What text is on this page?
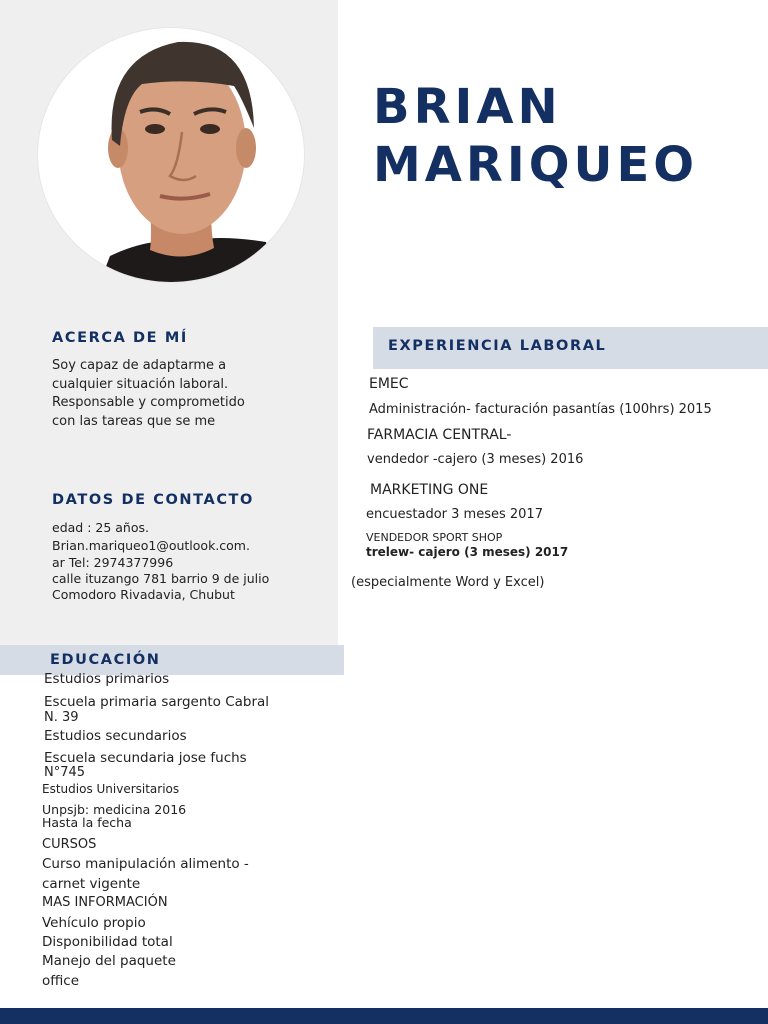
BRIAN
MARIQUEO
ACERCA DE MÍ

Soy capaz de adaptarme a cualquier situación laboral. Responsable y comprometido con las tareas que se me

DATOS DE CONTACTO
edad : 25 años.
Brian.mariqueo1@outlook.com.
ar Tel: 2974377996
calle ituzango 781 barrio 9 de julio
Comodoro Rivadavia, Chubut
EXPERIENCIA LABORAL

EMEC

Administración- facturación pasantías (100hrs) 2015

FARMACIA CENTRAL-

vendedor -cajero (3 meses) 2016

MARKETING ONE

encuestador 3 meses 2017

VENDEDOR SPORT SHOP

trelew- cajero (3 meses) 2017

(especialmente Word y Excel)

EDUCACIÓN

Estudios primarios

Escuela primaria sargento Cabral

N. 39

Estudios secundarios

Escuela secundaria jose fuchs

N°745

Estudios Universitarios

Unpsjb: medicina 2016

Hasta la fecha

CURSOS

Curso manipulación alimento -

carnet vigente

MAS INFORMACIÓN

Vehículo propio

Disponibilidad total

Manejo del paquete

office
